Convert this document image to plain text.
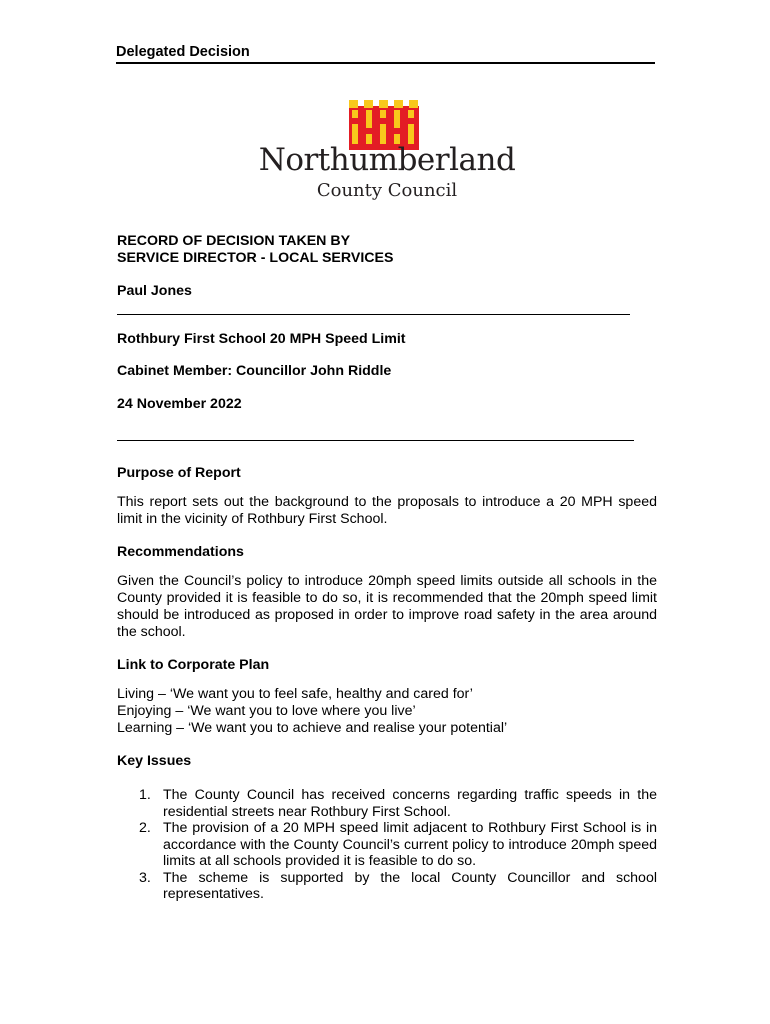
Delegated Decision
Northumberland
County Council
RECORD OF DECISION TAKEN BY
SERVICE DIRECTOR - LOCAL SERVICES
Paul Jones
Rothbury First School 20 MPH Speed Limit
Cabinet Member: Councillor John Riddle
24 November 2022
Purpose of Report
This report sets out the background to the proposals to introduce a 20 MPH speed limit in the vicinity of Rothbury First School.
Recommendations
Given the Council’s policy to introduce 20mph speed limits outside all schools in the County provided it is feasible to do so, it is recommended that the 20mph speed limit should be introduced as proposed in order to improve road safety in the area around the school.
Link to Corporate Plan
Living – ‘We want you to feel safe, healthy and cared for’
Enjoying – ‘We want you to love where you live’
Learning – ‘We want you to achieve and realise your potential’
Key Issues
1. The County Council has received concerns regarding traffic speeds in the residential streets near Rothbury First School.
2. The provision of a 20 MPH speed limit adjacent to Rothbury First School is in accordance with the County Council’s current policy to introduce 20mph speed limits at all schools provided it is feasible to do so.
3. The scheme is supported by the local County Councillor and school representatives.
